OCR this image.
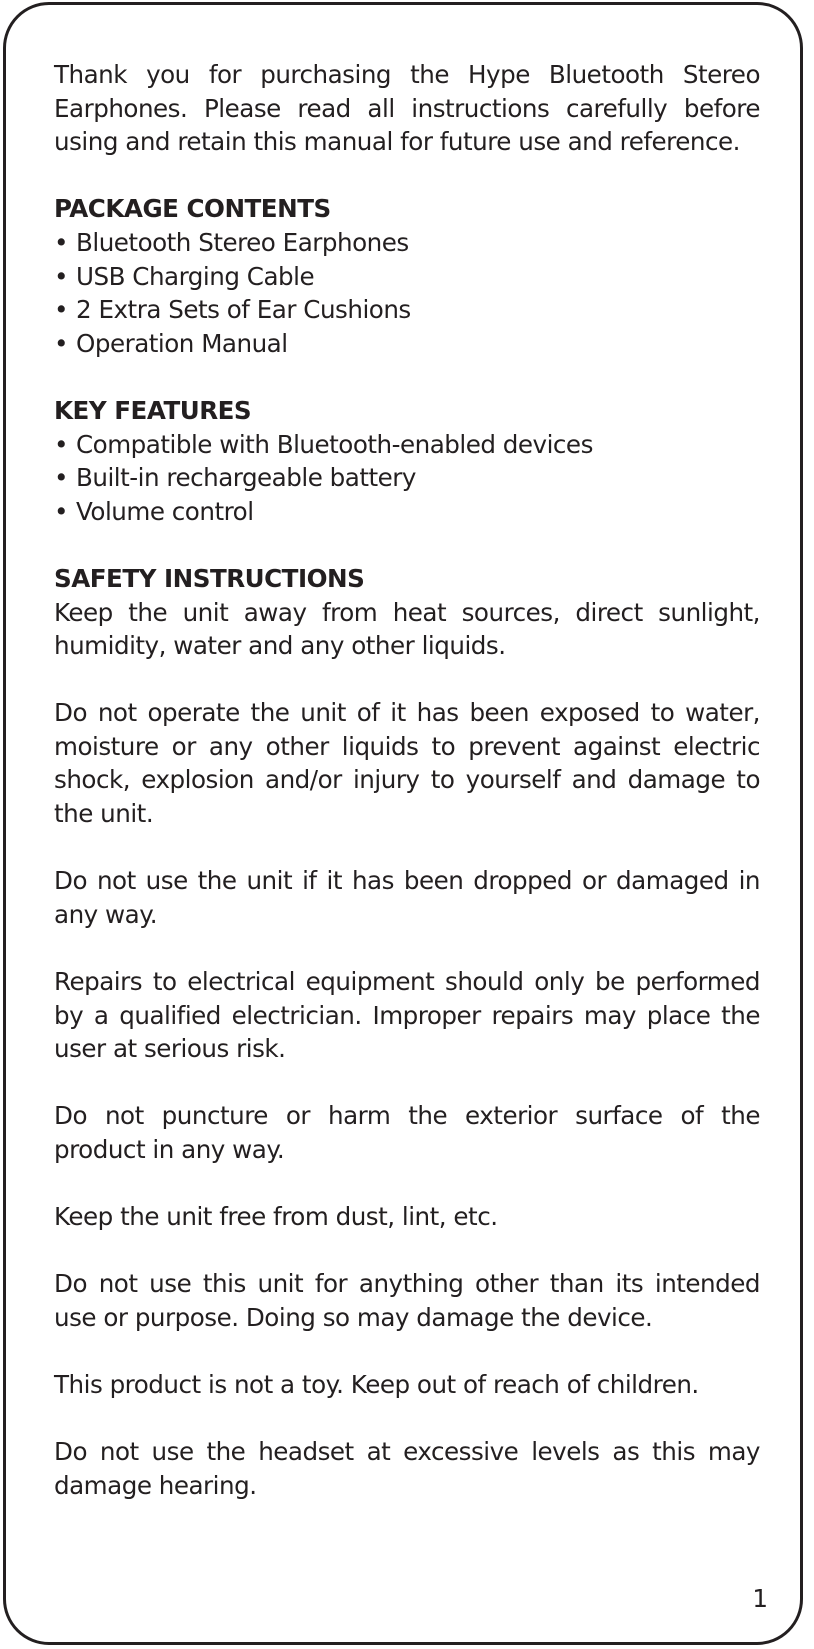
Thank you for purchasing the Hype Bluetooth Stereo Earphones. Please read all instructions carefully before using and retain this manual for future use and reference.

PACKAGE CONTENTS
• Bluetooth Stereo Earphones
• USB Charging Cable
• 2 Extra Sets of Ear Cushions
• Operation Manual
KEY FEATURES
• Compatible with Bluetooth-enabled devices
• Built-in rechargeable battery
• Volume control
SAFETY INSTRUCTIONS

Keep the unit away from heat sources, direct sunlight, humidity, water and any other liquids.

Do not operate the unit of it has been exposed to water, moisture or any other liquids to prevent against electric shock, explosion and/or injury to yourself and damage to the unit.

Do not use the unit if it has been dropped or damaged in any way.

Repairs to electrical equipment should only be performed by a qualified electrician. Improper repairs may place the user at serious risk.

Do not puncture or harm the exterior surface of the product in any way.

Keep the unit free from dust, lint, etc.

Do not use this unit for anything other than its intended use or purpose. Doing so may damage the device.

This product is not a toy. Keep out of reach of children.

Do not use the headset at excessive levels as this may damage hearing.

1
